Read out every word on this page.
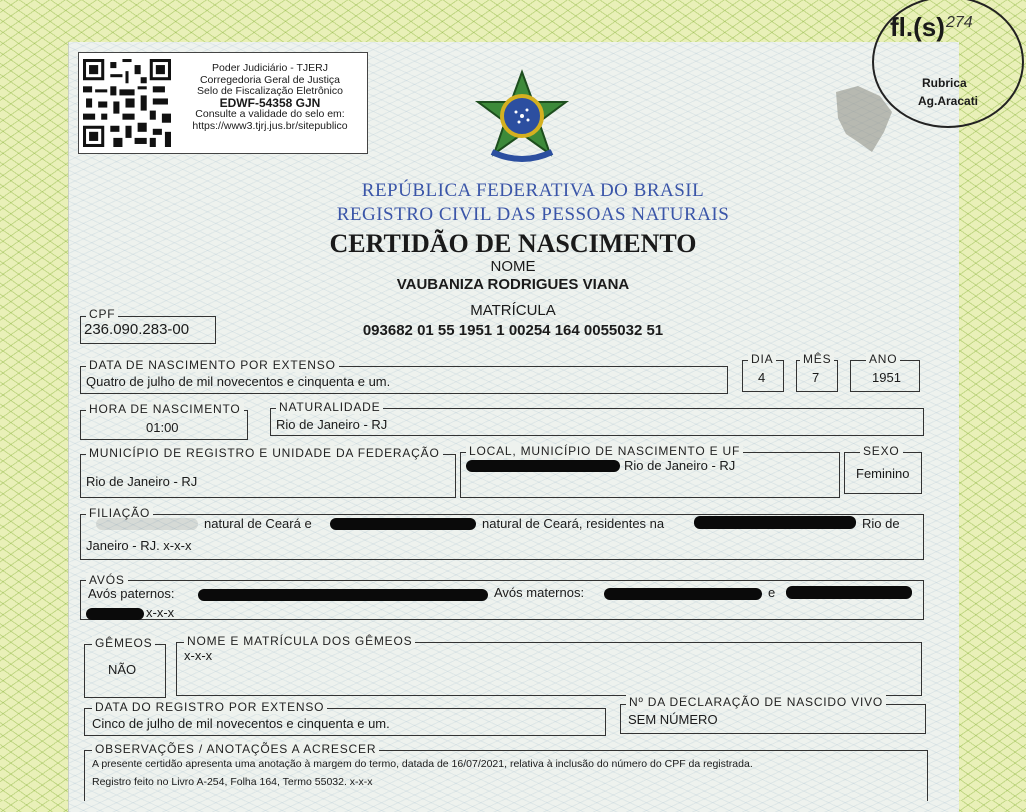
Poder Judiciário - TJERJ
Corregedoria Geral de Justiça
Selo de Fiscalização Eletrônico
EDWF-54358 GJN
Consulte a validade do selo em:
https://www3.tjrj.jus.br/sitepublico
fl.(s) 274
Rubrica
Ag.Aracati
REPÚBLICA FEDERATIVA DO BRASIL
REGISTRO CIVIL DAS PESSOAS NATURAIS
CERTIDÃO DE NASCIMENTO
NOME
VAUBANIZA RODRIGUES VIANA
MATRÍCULA
093682 01 55 1951 1 00254 164 0055032 51
CPF
236.090.283-00
DATA DE NASCIMENTO POR EXTENSO
Quatro de julho de mil novecentos e cinquenta e um.
DIA
4
MÊS
7
ANO
1951
HORA DE NASCIMENTO
01:00
NATURALIDADE
Rio de Janeiro - RJ
MUNICÍPIO DE REGISTRO E UNIDADE DA FEDERAÇÃO
Rio de Janeiro - RJ
LOCAL, MUNICÍPIO DE NASCIMENTO E UF
Rio de Janeiro - RJ
SEXO
Feminino
FILIAÇÃO
natural de Ceará e	natural de Ceará, residentes na	Rio de
Janeiro - RJ. x-x-x
AVÓS
Avós paternos:	Avós maternos:	e
x-x-x
GÊMEOS
NÃO
NOME E MATRÍCULA DOS GÊMEOS
x-x-x
DATA DO REGISTRO POR EXTENSO
Cinco de julho de mil novecentos e cinquenta e um.
Nº DA DECLARAÇÃO DE NASCIDO VIVO
SEM NÚMERO
OBSERVAÇÕES / ANOTAÇÕES A ACRESCER
A presente certidão apresenta uma anotação à margem do termo, datada de 16/07/2021, relativa à inclusão do número do CPF da registrada.
Registro feito no Livro A-254, Folha 164, Termo 55032. x-x-x
